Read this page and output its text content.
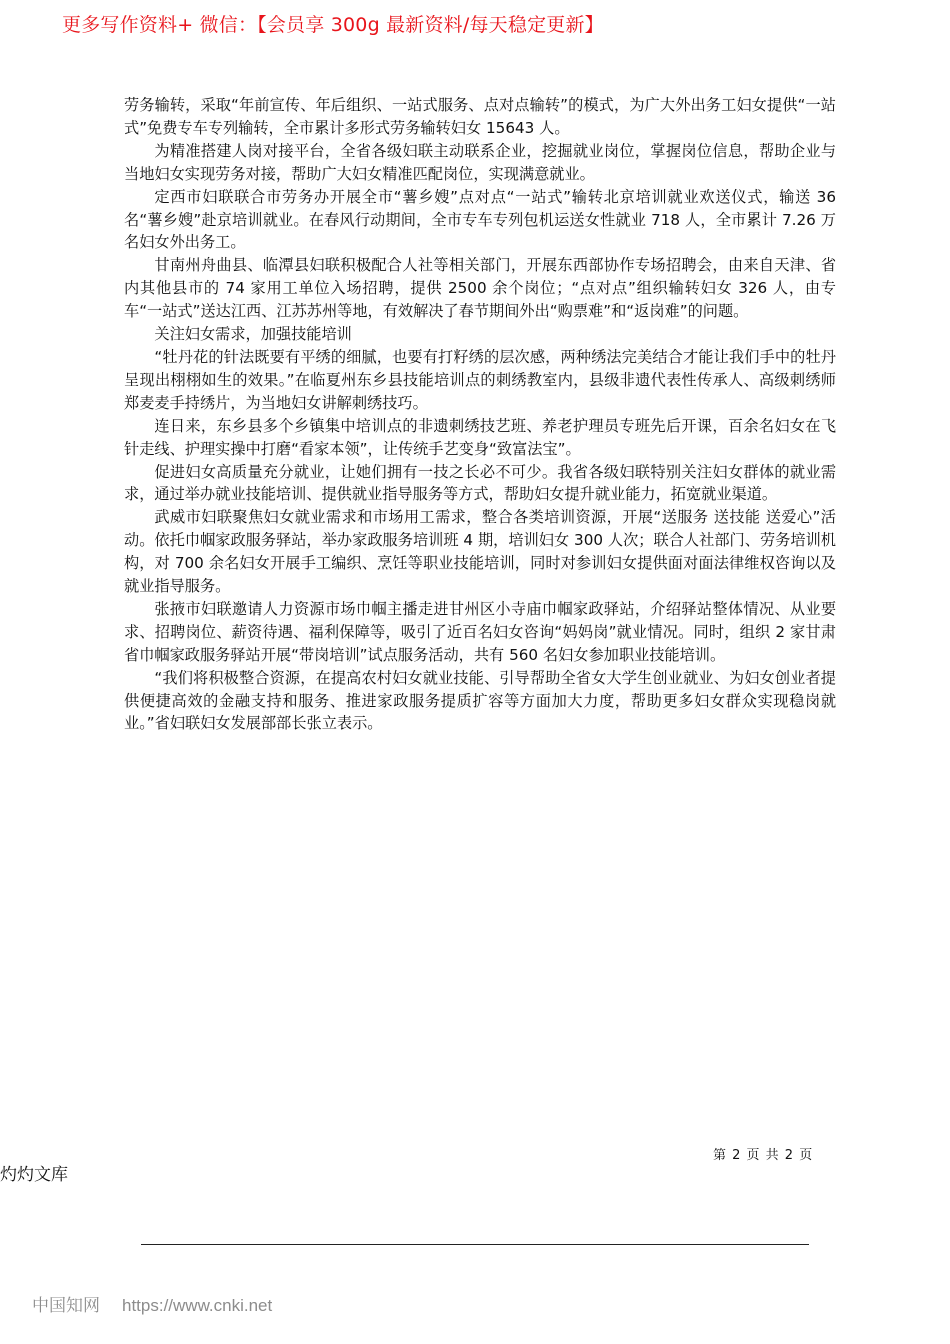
更多写作资料+ 微信：【会员享 300g 最新资料/每天稳定更新】

劳务输转，采取“年前宣传、年后组织、一站式服务、点对点输转”的模式，为广大外出务工妇女提供“一站式”免费专车专列输转，全市累计多形式劳务输转妇女 15643 人。

为精准搭建人岗对接平台，全省各级妇联主动联系企业，挖掘就业岗位，掌握岗位信息，帮助企业与当地妇女实现劳务对接，帮助广大妇女精准匹配岗位，实现满意就业。

定西市妇联联合市劳务办开展全市“薯乡嫂”点对点“一站式”输转北京培训就业欢送仪式，输送 36 名“薯乡嫂”赴京培训就业。在春风行动期间，全市专车专列包机运送女性就业 718 人，全市累计 7.26 万名妇女外出务工。

甘南州舟曲县、临潭县妇联积极配合人社等相关部门，开展东西部协作专场招聘会，由来自天津、省内其他县市的 74 家用工单位入场招聘，提供 2500 余个岗位；“点对点”组织输转妇女 326 人，由专车“一站式”送达江西、江苏苏州等地，有效解决了春节期间外出“购票难”和“返岗难”的问题。

关注妇女需求，加强技能培训

“牡丹花的针法既要有平绣的细腻，也要有打籽绣的层次感，两种绣法完美结合才能让我们手中的牡丹呈现出栩栩如生的效果。”在临夏州东乡县技能培训点的刺绣教室内，县级非遗代表性传承人、高级刺绣师郑麦麦手持绣片，为当地妇女讲解刺绣技巧。

连日来，东乡县多个乡镇集中培训点的非遗刺绣技艺班、养老护理员专班先后开课，百余名妇女在飞针走线、护理实操中打磨“看家本领”，让传统手艺变身“致富法宝”。

促进妇女高质量充分就业，让她们拥有一技之长必不可少。我省各级妇联特别关注妇女群体的就业需求，通过举办就业技能培训、提供就业指导服务等方式，帮助妇女提升就业能力，拓宽就业渠道。

武威市妇联聚焦妇女就业需求和市场用工需求，整合各类培训资源，开展“送服务 送技能 送爱心”活动。依托巾帼家政服务驿站，举办家政服务培训班 4 期，培训妇女 300 人次；联合人社部门、劳务培训机构，对 700 余名妇女开展手工编织、烹饪等职业技能培训，同时对参训妇女提供面对面法律维权咨询以及就业指导服务。

张掖市妇联邀请人力资源市场巾帼主播走进甘州区小寺庙巾帼家政驿站，介绍驿站整体情况、从业要求、招聘岗位、薪资待遇、福利保障等，吸引了近百名妇女咨询“妈妈岗”就业情况。同时，组织 2 家甘肃省巾帼家政服务驿站开展“带岗培训”试点服务活动，共有 560 名妇女参加职业技能培训。

“我们将积极整合资源，在提高农村妇女就业技能、引导帮助全省女大学生创业就业、为妇女创业者提供便捷高效的金融支持和服务、推进家政服务提质扩容等方面加大力度，帮助更多妇女群众实现稳岗就业。”省妇联妇女发展部部长张立表示。

第 2 页 共 2 页
灼灼文库
中国知网 https://www.cnki.net
